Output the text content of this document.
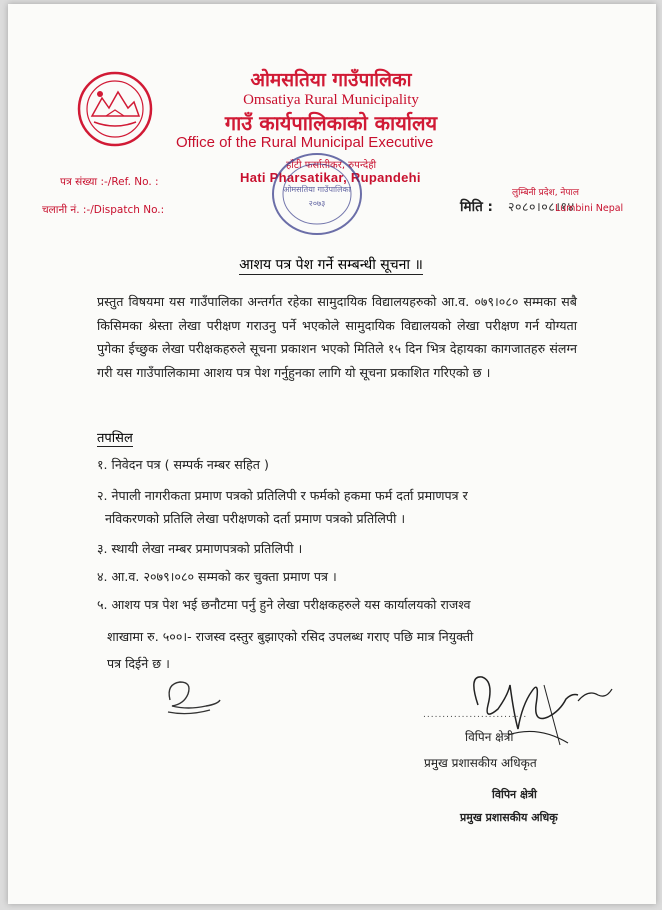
ओमसतिया गाउँपालिका
Omsatiya Rural Municipality
गाउँ कार्यपालिकाको कार्यालय
Office of the Rural Municipal Executive
हाँटी फर्सातीकर, रुपन्देही
Hati Pharsatikar, Rupandehi
ओमसतिया गाउँपालिका
२०७३
पत्र संख्या :-/Ref. No. :
चलानी नं. :-/Dispatch No.:
लुम्बिनी प्रदेश, नेपाल
मिति : २०८०।०८।१४
Lumbini Nepal
आशय पत्र पेश गर्ने सम्बन्धी सूचना ॥
प्रस्तुत विषयमा यस गाउँपालिका अन्तर्गत रहेका सामुदायिक विद्यालयहरुको आ.व. ०७९।०८० सम्मका सबै किसिमका श्रेस्ता लेखा परीक्षण गराउनु पर्ने भएकोले सामुदायिक विद्यालयको लेखा परीक्षण गर्न योग्यता पुगेका ईच्छुक लेखा परीक्षकहरुले सूचना प्रकाशन भएको मितिले १५ दिन भित्र देहायका कागजातहरु संलग्न गरी यस गाउँपालिकामा आशय पत्र पेश गर्नुहुनका लागि यो सूचना प्रकाशित गरिएको छ ।
तपसिल
१. निवेदन पत्र ( सम्पर्क नम्बर सहित )
२. नेपाली नागरीकता प्रमाण पत्रको प्रतिलिपी र फर्मको हकमा फर्म दर्ता प्रमाणपत्र र
नविकरणको प्रतिलि लेखा परीक्षणको दर्ता प्रमाण पत्रको प्रतिलिपी ।
३. स्थायी लेखा नम्बर प्रमाणपत्रको प्रतिलिपी ।
४. आ.व. २०७९।०८० सम्मको कर चुक्ता प्रमाण पत्र ।
५. आशय पत्र पेश भई छनौटमा पर्नु हुने लेखा परीक्षकहरुले यस कार्यालयको राजश्व
शाखामा रु. ५००।- राजस्व दस्तुर बुझाएको रसिद उपलब्ध गराए पछि मात्र नियुक्ती
पत्र दिईने छ ।
...........................
विपिन क्षेत्री
प्रमुख प्रशासकीय अधिकृत
विपिन क्षेत्री
प्रमुख प्रशासकीय अधिकृ
